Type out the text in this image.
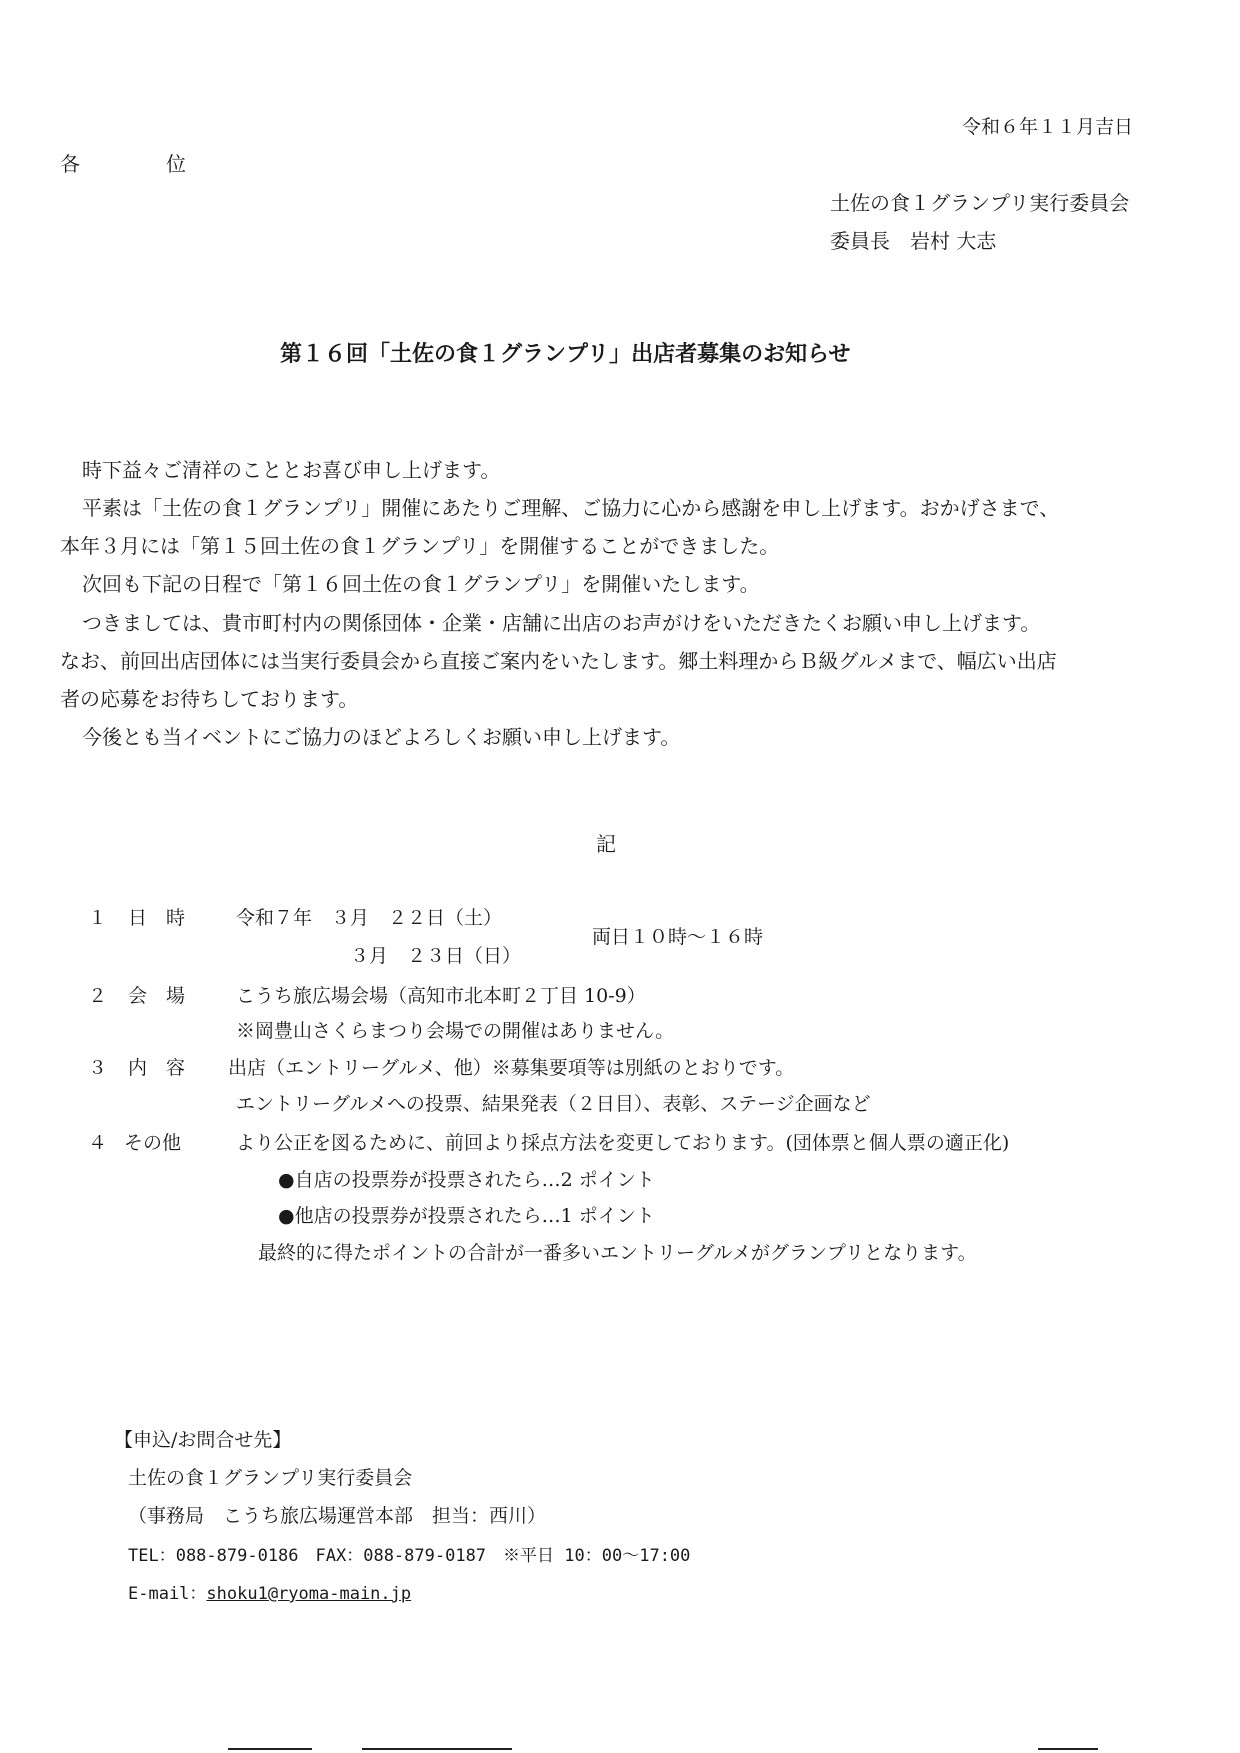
令和６年１１月吉日
各	位
土佐の食１グランプリ実行委員会
委員長　岩村 大志
第１６回「土佐の食１グランプリ」出店者募集のお知らせ
時下益々ご清祥のこととお喜び申し上げます。
平素は「土佐の食１グランプリ」開催にあたりご理解、ご協力に心から感謝を申し上げます。おかげさまで、
本年３月には「第１５回土佐の食１グランプリ」を開催することができました。
次回も下記の日程で「第１６回土佐の食１グランプリ」を開催いたします。
つきましては、貴市町村内の関係団体・企業・店舗に出店のお声がけをいただきたくお願い申し上げます。
なお、前回出店団体には当実行委員会から直接ご案内をいたします。郷土料理からＢ級グルメまで、幅広い出店
者の応募をお待ちしております。
今後とも当イベントにご協力のほどよろしくお願い申し上げます。
記
１ 日　時	令和７年　３月　２２日（土）
３月　２３日（日）
両日１０時～１６時
２ 会　場	こうち旅広場会場（高知市北本町２丁目 10-9）
※岡豊山さくらまつり会場での開催はありません。
３ 内　容 出店（エントリーグルメ、他）※募集要項等は別紙のとおりです。
エントリーグルメへの投票、結果発表（２日目）、表彰、ステージ企画など
４ その他	より公正を図るために、前回より採点方法を変更しております。(団体票と個人票の適正化)
●自店の投票券が投票されたら…2 ポイント
●他店の投票券が投票されたら…1 ポイント
最終的に得たポイントの合計が一番多いエントリーグルメがグランプリとなります。
【申込/お問合せ先】
土佐の食１グランプリ実行委員会
（事務局　こうち旅広場運営本部　担当：西川）
TEL：088-879-0186　FAX：088-879-0187　※平日 10：00～17:00
E-mail：shoku1@ryoma-main.jp
